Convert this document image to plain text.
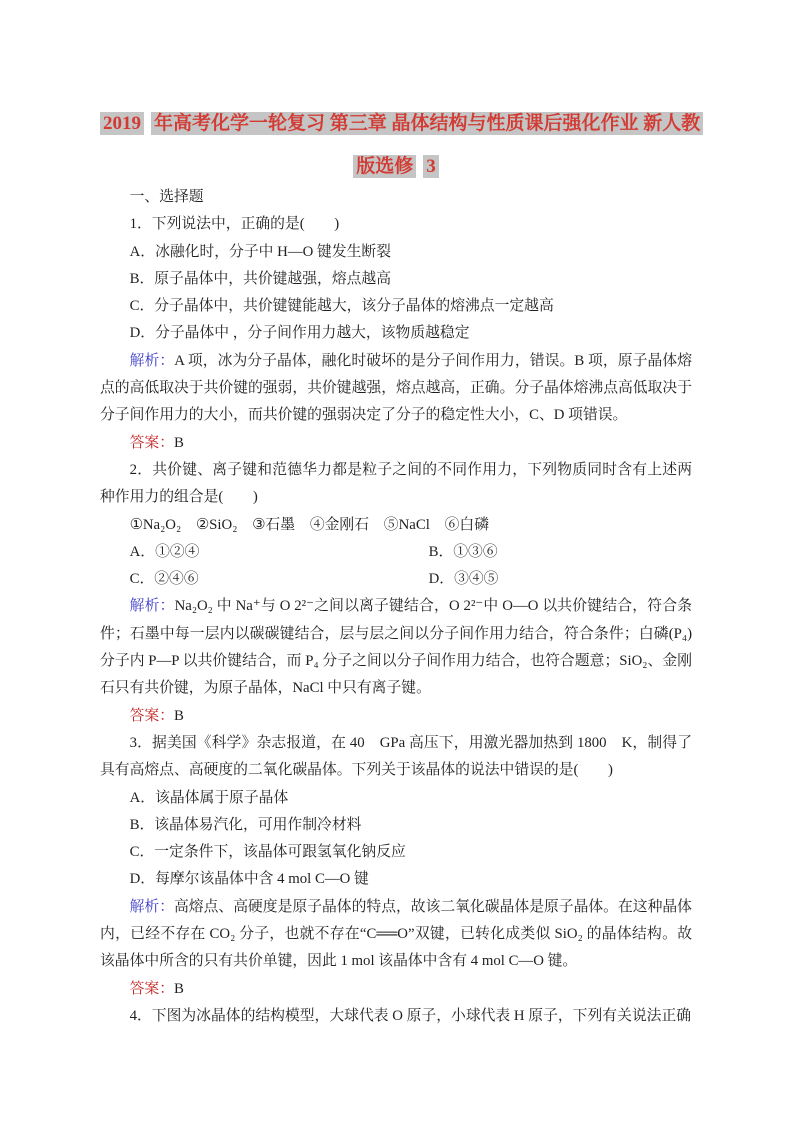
2019 年高考化学一轮复习 第三章 晶体结构与性质课后强化作业 新人教
版选修 3

一、选择题

1．下列说法中，正确的是(　　)

A．冰融化时，分子中 H—O 键发生断裂

B．原子晶体中，共价键越强，熔点越高

C．分子晶体中，共价键键能越大，该分子晶体的熔沸点一定越高

D．分子晶体中 ，分子间作用力越大，该物质越稳定

解析：A 项，冰为分子晶体，融化时破坏的是分子间作用力，错误。B 项，原子晶体熔点的高低取决于共价键的强弱，共价键越强，熔点越高，正确。分子晶体熔沸点高低取决于分子间作用力的大小，而共价键的强弱决定了分子的稳定性大小，C、D 项错误。

答案：B

2．共价键、离子键和范德华力都是粒子之间的不同作用力，下列物质同时含有上述两种作用力的组合是(　　)

①Na₂O₂　②SiO₂　③石墨　④金刚石　⑤NaCl　⑥白磷

A．①②④	B．①③⑥

C．②④⑥	D．③④⑤

解析：Na₂O₂ 中 Na⁺与 O 2²⁻之间以离子键结合，O 2²⁻中 O—O 以共价键结合，符合条件；石墨中每一层内以碳碳键结合，层与层之间以分子间作用力结合，符合条件；白磷(P₄)分子内 P—P 以共价键结合，而 P₄ 分子之间以分子间作用力结合，也符合题意；SiO₂、金刚石只有共价键，为原子晶体，NaCl 中只有离子键。

答案：B

3．据美国《科学》杂志报道，在 40　GPa 高压下，用激光器加热到 1800　K，制得了具有高熔点、高硬度的二氧化碳晶体。下列关于该晶体的说法中错误的是(　　)

A．该晶体属于原子晶体

B．该晶体易汽化，可用作制冷材料

C．一定条件下，该晶体可跟氢氧化钠反应

D．每摩尔该晶体中含 4 mol C—O 键

解析：高熔点、高硬度是原子晶体的特点，故该二氧化碳晶体是原子晶体。在这种晶体内，已经不存在 CO₂ 分子，也就不存在“C══O”双键，已转化成类似 SiO₂ 的晶体结构。故该晶体中所含的只有共价单键，因此 1 mol 该晶体中含有 4 mol C—O 键。

答案：B

4．下图为冰晶体的结构模型，大球代表 O 原子，小球代表 H 原子，下列有关说法正确
